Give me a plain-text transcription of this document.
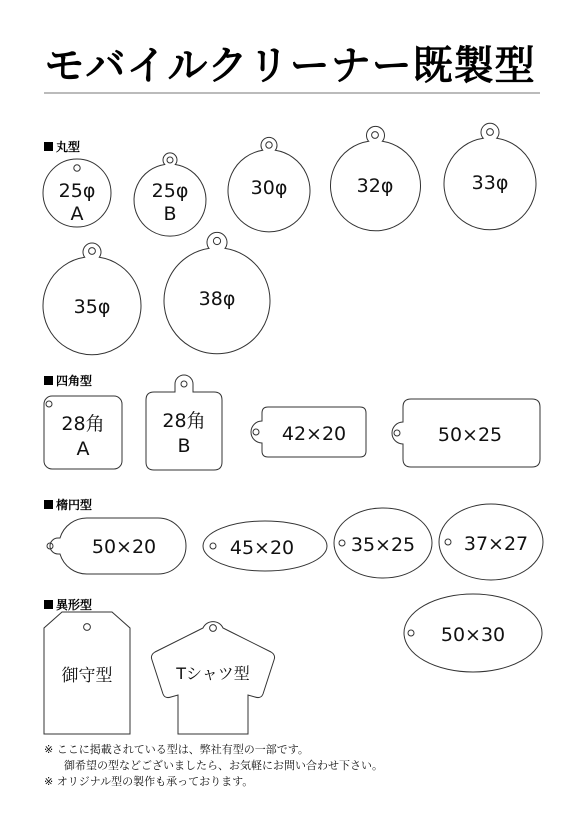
モバイルクリーナー既製型
丸型
四角型
楕円型
異形型
25φ
A
25φ
B
30φ	32φ	33φ
35φ	38φ
28角
A
28角
B
42×20	50×25
50×20	45×20	35×25	37×27
50×30
御守型	Tシャツ型
※ ここに掲載されている型は、弊社有型の一部です。
御希望の型などございましたら、お気軽にお問い合わせ下さい。
※ オリジナル型の製作も承っております。
